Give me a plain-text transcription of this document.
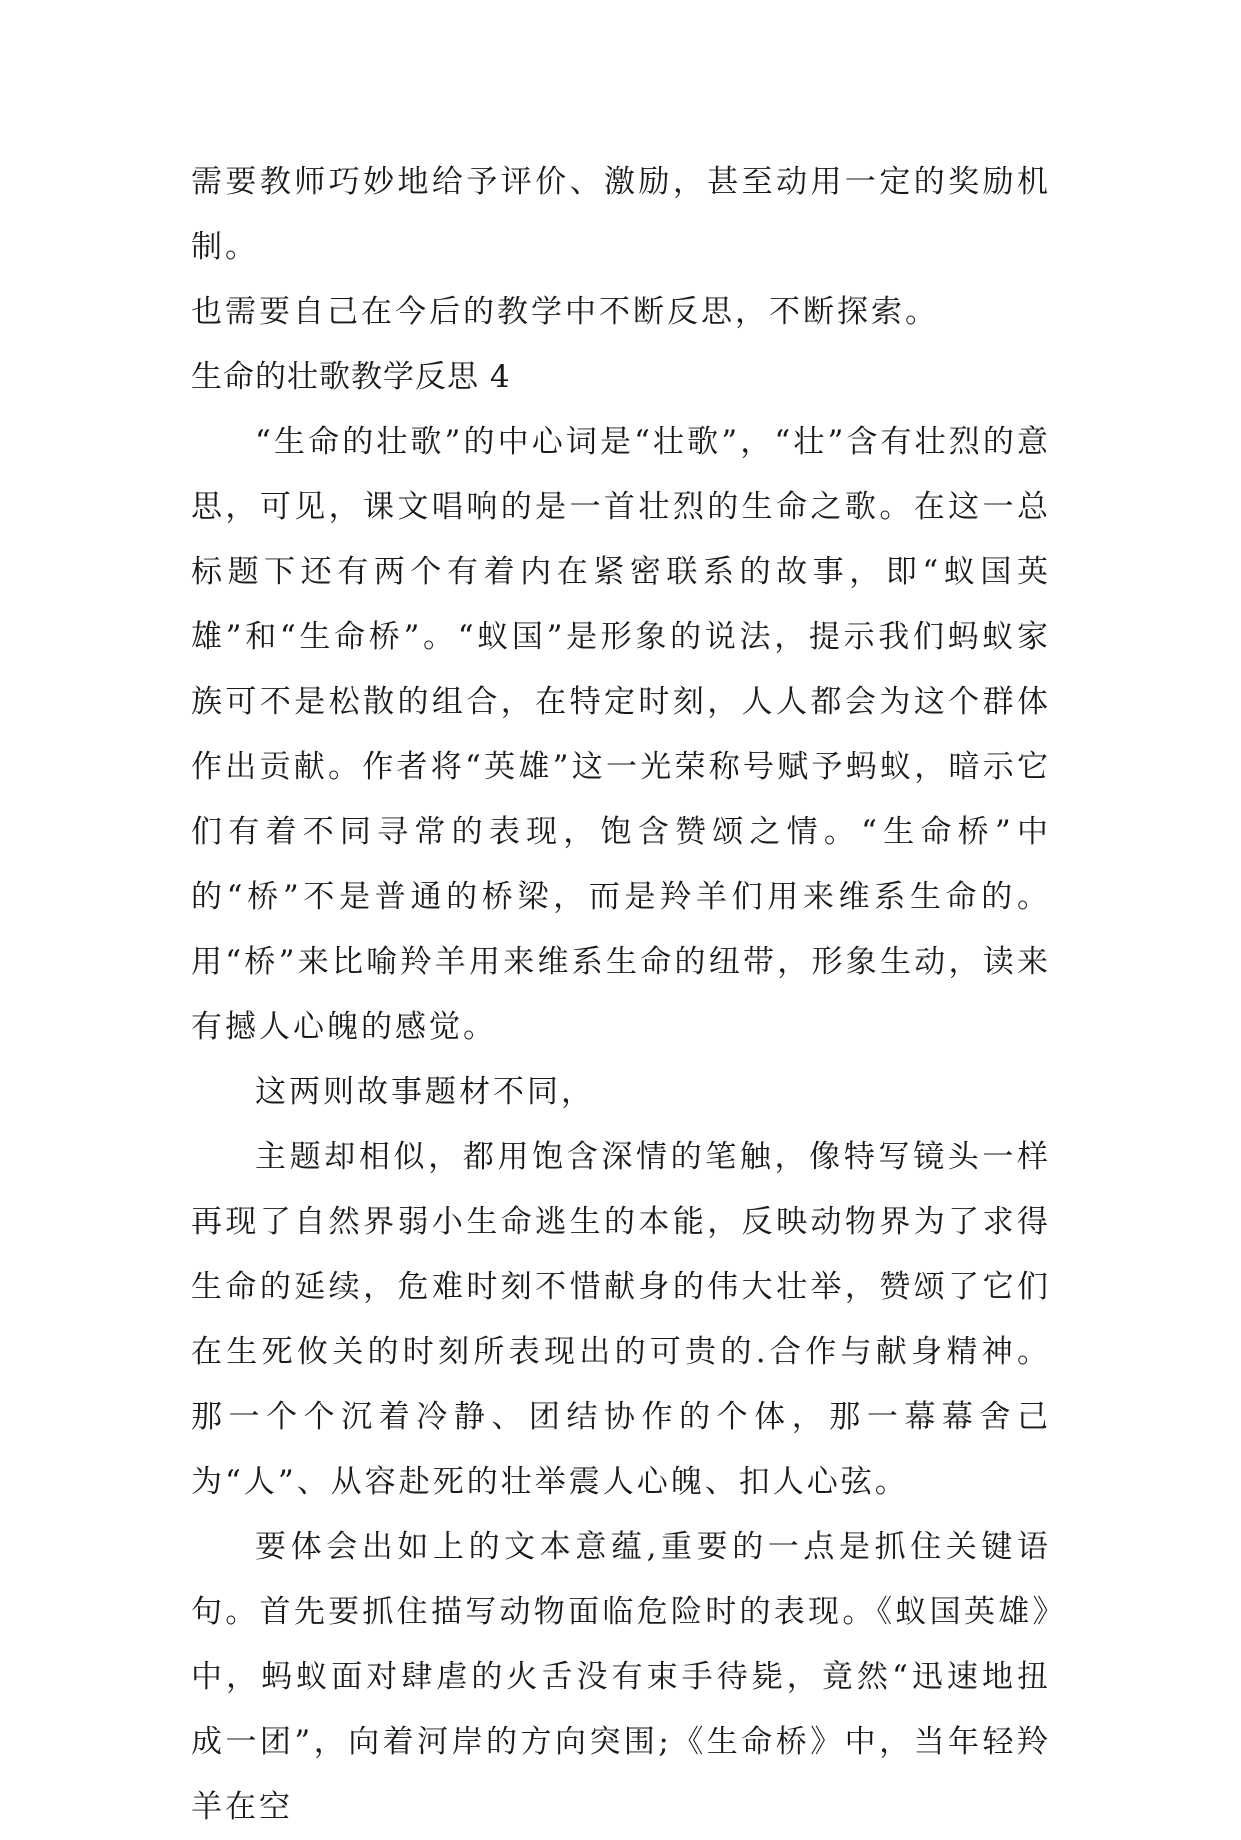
需要教师巧妙地给予评价、激励，甚至动用一定的奖励机制。

也需要自己在今后的教学中不断反思，不断探索。

生命的壮歌教学反思 4

“生命的壮歌”的中心词是“壮歌”，“壮”含有壮烈的意思，可见，课文唱响的是一首壮烈的生命之歌。在这一总标题下还有两个有着内在紧密联系的故事，即“蚁国英雄”和“生命桥”。“蚁国”是形象的说法，提示我们蚂蚁家族可不是松散的组合，在特定时刻，人人都会为这个群体作出贡献。作者将“英雄”这一光荣称号赋予蚂蚁，暗示它们有着不同寻常的表现，饱含赞颂之情。“生命桥”中的“桥”不是普通的桥梁，而是羚羊们用来维系生命的。用“桥”来比喻羚羊用来维系生命的纽带，形象生动，读来有撼人心魄的感觉。

这两则故事题材不同，

主题却相似，都用饱含深情的笔触，像特写镜头一样再现了自然界弱小生命逃生的本能，反映动物界为了求得生命的延续，危难时刻不惜献身的伟大壮举，赞颂了它们在生死攸关的时刻所表现出的可贵的.合作与献身精神。那一个个沉着冷静、团结协作的个体，那一幕幕舍己为“人”、从容赴死的壮举震人心魄、扣人心弦。

要体会出如上的文本意蕴,重要的一点是抓住关键语句。首先要抓住描写动物面临危险时的表现。《蚁国英雄》中，蚂蚁面对肆虐的火舌没有束手待毙，竟然“迅速地扭成一团”，向着河岸的方向突围;《生命桥》中，当年轻羚羊在空
